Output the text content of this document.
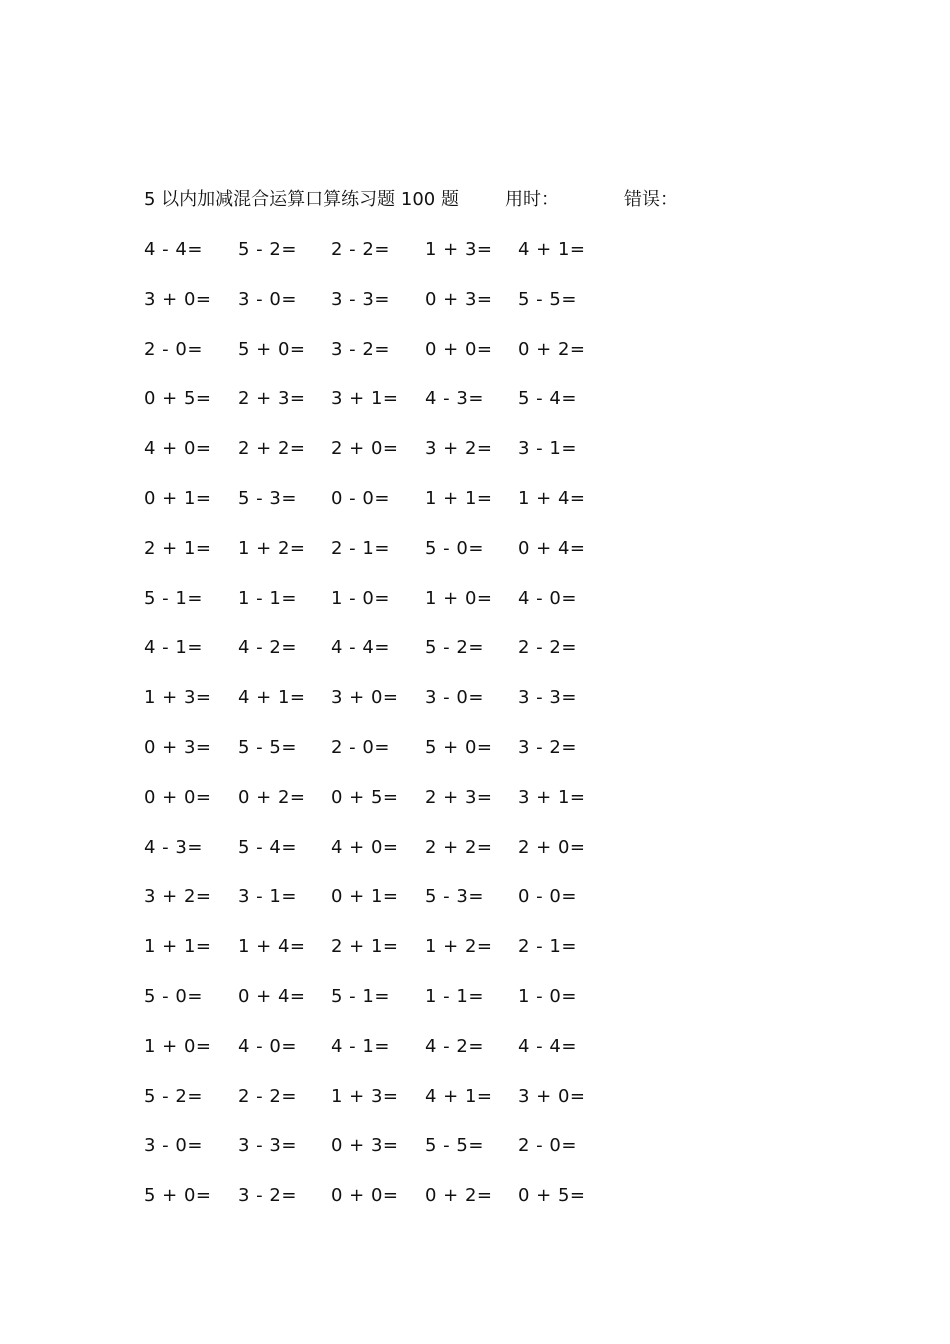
5 以内加减混合运算口算练习题 100 题	用时：	错误：
4 - 4= 5 - 2= 2 - 2= 1 + 3= 4 + 1=
3 + 0= 3 - 0= 3 - 3= 0 + 3= 5 - 5=
2 - 0= 5 + 0= 3 - 2= 0 + 0= 0 + 2=
0 + 5= 2 + 3= 3 + 1= 4 - 3= 5 - 4=
4 + 0= 2 + 2= 2 + 0= 3 + 2= 3 - 1=
0 + 1= 5 - 3= 0 - 0= 1 + 1= 1 + 4=
2 + 1= 1 + 2= 2 - 1= 5 - 0= 0 + 4=
5 - 1= 1 - 1= 1 - 0= 1 + 0= 4 - 0=
4 - 1= 4 - 2= 4 - 4= 5 - 2= 2 - 2=
1 + 3= 4 + 1= 3 + 0= 3 - 0= 3 - 3=
0 + 3= 5 - 5= 2 - 0= 5 + 0= 3 - 2=
0 + 0= 0 + 2= 0 + 5= 2 + 3= 3 + 1=
4 - 3= 5 - 4= 4 + 0= 2 + 2= 2 + 0=
3 + 2= 3 - 1= 0 + 1= 5 - 3= 0 - 0=
1 + 1= 1 + 4= 2 + 1= 1 + 2= 2 - 1=
5 - 0= 0 + 4= 5 - 1= 1 - 1= 1 - 0=
1 + 0= 4 - 0= 4 - 1= 4 - 2= 4 - 4=
5 - 2= 2 - 2= 1 + 3= 4 + 1= 3 + 0=
3 - 0= 3 - 3= 0 + 3= 5 - 5= 2 - 0=
5 + 0= 3 - 2= 0 + 0= 0 + 2= 0 + 5=
